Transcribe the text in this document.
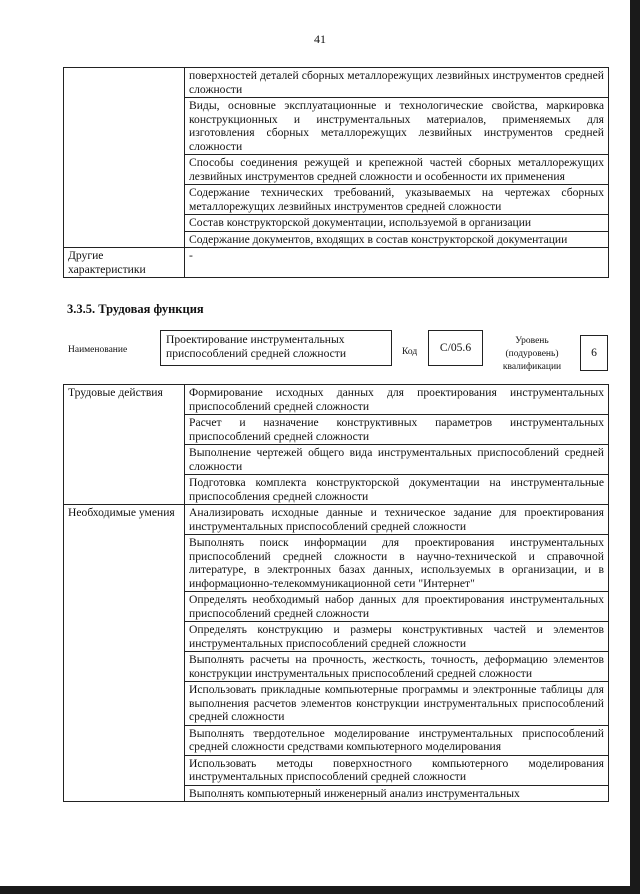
41
	поверхностей деталей сборных металлорежущих лезвийных инструментов средней сложности
	Виды, основные эксплуатационные и технологические свойства, маркировка конструкционных и инструментальных материалов, применяемых для изготовления сборных металлорежущих лезвийных инструментов средней сложности
	Способы соединения режущей и крепежной частей сборных металлорежущих лезвийных инструментов средней сложности и особенности их применения
	Содержание технических требований, указываемых на чертежах сборных металлорежущих лезвийных инструментов средней сложности
	Состав конструкторской документации, используемой в организации
	Содержание документов, входящих в состав конструкторской документации
Другие характеристики	-
3.3.5. Трудовая функция
Наименование
Проектирование инструментальных приспособлений средней сложности	Код	C/05.6	Уровень (подуровень) квалификации
6
Трудовые действия	Формирование исходных данных для проектирования инструментальных приспособлений средней сложности
	Расчет и назначение конструктивных параметров инструментальных приспособлений средней сложности
	Выполнение чертежей общего вида инструментальных приспособлений средней сложности
	Подготовка комплекта конструкторской документации на инструментальные приспособления средней сложности
Необходимые умения	Анализировать исходные данные и техническое задание для проектирования инструментальных приспособлений средней сложности
	Выполнять поиск информации для проектирования инструментальных приспособлений средней сложности в научно-технической и справочной литературе, в электронных базах данных, используемых в организации, и в информационно-телекоммуникационной сети "Интернет"
	Определять необходимый набор данных для проектирования инструментальных приспособлений средней сложности
	Определять конструкцию и размеры конструктивных частей и элементов инструментальных приспособлений средней сложности
	Выполнять расчеты на прочность, жесткость, точность, деформацию элементов конструкции инструментальных приспособлений средней сложности
	Использовать прикладные компьютерные программы и электронные таблицы для выполнения расчетов элементов конструкции инструментальных приспособлений средней сложности
	Выполнять твердотельное моделирование инструментальных приспособлений средней сложности средствами компьютерного моделирования
	Использовать методы поверхностного компьютерного моделирования инструментальных приспособлений средней сложности
	Выполнять компьютерный инженерный анализ инструментальных
